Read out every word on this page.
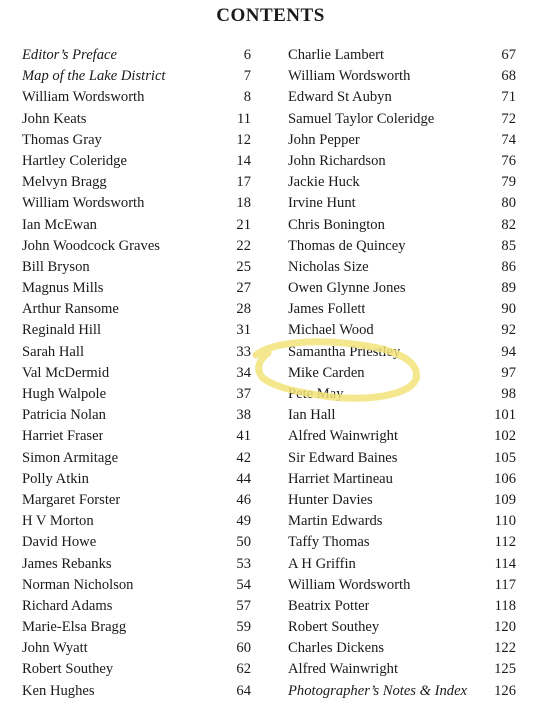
CONTENTS
Editor’s Preface	6
Map of the Lake District	7
William Wordsworth	8
John Keats	11
Thomas Gray	12
Hartley Coleridge	14
Melvyn Bragg	17
William Wordsworth	18
Ian McEwan	21
John Woodcock Graves	22
Bill Bryson	25
Magnus Mills	27
Arthur Ransome	28
Reginald Hill	31
Sarah Hall	33
Val McDermid	34
Hugh Walpole	37
Patricia Nolan	38
Harriet Fraser	41
Simon Armitage	42
Polly Atkin	44
Margaret Forster	46
H V Morton	49
David Howe	50
James Rebanks	53
Norman Nicholson	54
Richard Adams	57
Marie-Elsa Bragg	59
John Wyatt	60
Robert Southey	62
Ken Hughes	64
Charlie Lambert	67
William Wordsworth	68
Edward St Aubyn	71
Samuel Taylor Coleridge	72
John Pepper	74
John Richardson	76
Jackie Huck	79
Irvine Hunt	80
Chris Bonington	82
Thomas de Quincey	85
Nicholas Size	86
Owen Glynne Jones	89
James Follett	90
Michael Wood	92
Samantha Priestley	94
Mike Carden	97
Pete May	98
Ian Hall	101
Alfred Wainwright	102
Sir Edward Baines	105
Harriet Martineau	106
Hunter Davies	109
Martin Edwards	110
Taffy Thomas	112
A H Griffin	114
William Wordsworth	117
Beatrix Potter	118
Robert Southey	120
Charles Dickens	122
Alfred Wainwright	125
Photographer’s Notes & Index	126
